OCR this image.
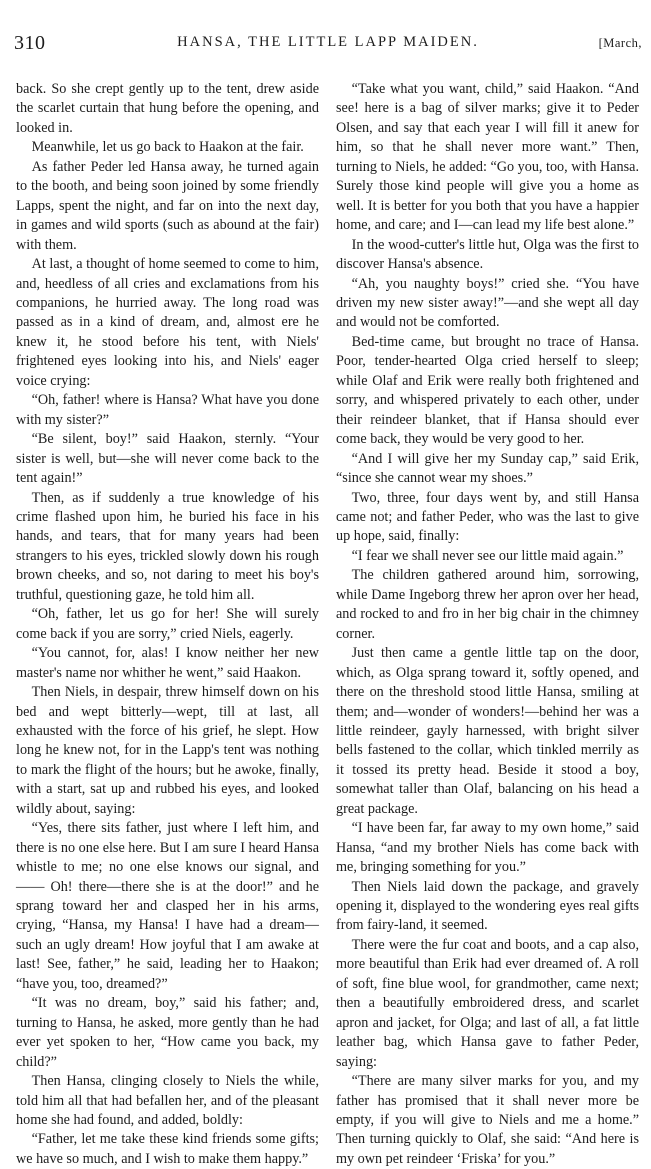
310	HANSA, THE LITTLE LAPP MAIDEN.	[March,

back. So she crept gently up to the tent, drew aside the scarlet curtain that hung before the opening, and looked in.

Meanwhile, let us go back to Haakon at the fair.

As father Peder led Hansa away, he turned again to the booth, and being soon joined by some friendly Lapps, spent the night, and far on into the next day, in games and wild sports (such as abound at the fair) with them.

At last, a thought of home seemed to come to him, and, heedless of all cries and exclamations from his companions, he hurried away. The long road was passed as in a kind of dream, and, almost ere he knew it, he stood before his tent, with Niels' frightened eyes looking into his, and Niels' eager voice crying:

“Oh, father! where is Hansa? What have you done with my sister?”

“Be silent, boy!” said Haakon, sternly. “Your sister is well, but—she will never come back to the tent again!”

Then, as if suddenly a true knowledge of his crime flashed upon him, he buried his face in his hands, and tears, that for many years had been strangers to his eyes, trickled slowly down his rough brown cheeks, and so, not daring to meet his boy's truthful, questioning gaze, he told him all.

“Oh, father, let us go for her! She will surely come back if you are sorry,” cried Niels, eagerly.

“You cannot, for, alas! I know neither her new master's name nor whither he went,” said Haakon.

Then Niels, in despair, threw himself down on his bed and wept bitterly—wept, till at last, all exhausted with the force of his grief, he slept. How long he knew not, for in the Lapp's tent was nothing to mark the flight of the hours; but he awoke, finally, with a start, sat up and rubbed his eyes, and looked wildly about, saying:

“Yes, there sits father, just where I left him, and there is no one else here. But I am sure I heard Hansa whistle to me; no one else knows our signal, and —— Oh! there—there she is at the door!” and he sprang toward her and clasped her in his arms, crying, “Hansa, my Hansa! I have had a dream—such an ugly dream! How joyful that I am awake at last! See, father,” he said, leading her to Haakon; “have you, too, dreamed?”

“It was no dream, boy,” said his father; and, turning to Hansa, he asked, more gently than he had ever yet spoken to her, “How came you back, my child?”

Then Hansa, clinging closely to Niels the while, told him all that had befallen her, and of the pleasant home she had found, and added, boldly:

“Father, let me take these kind friends some gifts; we have so much, and I wish to make them happy.”

“Take what you want, child,” said Haakon. “And see! here is a bag of silver marks; give it to Peder Olsen, and say that each year I will fill it anew for him, so that he shall never more want.” Then, turning to Niels, he added: “Go you, too, with Hansa. Surely those kind people will give you a home as well. It is better for you both that you have a happier home, and care; and I—can lead my life best alone.”

In the wood-cutter's little hut, Olga was the first to discover Hansa's absence.

“Ah, you naughty boys!” cried she. “You have driven my new sister away!”—and she wept all day and would not be comforted.

Bed-time came, but brought no trace of Hansa. Poor, tender-hearted Olga cried herself to sleep; while Olaf and Erik were really both frightened and sorry, and whispered privately to each other, under their reindeer blanket, that if Hansa should ever come back, they would be very good to her.

“And I will give her my Sunday cap,” said Erik, “since she cannot wear my shoes.”

Two, three, four days went by, and still Hansa came not; and father Peder, who was the last to give up hope, said, finally:

“I fear we shall never see our little maid again.”

The children gathered around him, sorrowing, while Dame Ingeborg threw her apron over her head, and rocked to and fro in her big chair in the chimney corner.

Just then came a gentle little tap on the door, which, as Olga sprang toward it, softly opened, and there on the threshold stood little Hansa, smiling at them; and—wonder of wonders!—behind her was a little reindeer, gayly harnessed, with bright silver bells fastened to the collar, which tinkled merrily as it tossed its pretty head. Beside it stood a boy, somewhat taller than Olaf, balancing on his head a great package.

“I have been far, far away to my own home,” said Hansa, “and my brother Niels has come back with me, bringing something for you.”

Then Niels laid down the package, and gravely opening it, displayed to the wondering eyes real gifts from fairy-land, it seemed.

There were the fur coat and boots, and a cap also, more beautiful than Erik had ever dreamed of. A roll of soft, fine blue wool, for grandmother, came next; then a beautifully embroidered dress, and scarlet apron and jacket, for Olga; and last of all, a fat little leather bag, which Hansa gave to father Peder, saying:

“There are many silver marks for you, and my father has promised that it shall never more be empty, if you will give to Niels and me a home.” Then turning quickly to Olaf, she said: “And here is my own pet reindeer ‘Friska’ for you.”
